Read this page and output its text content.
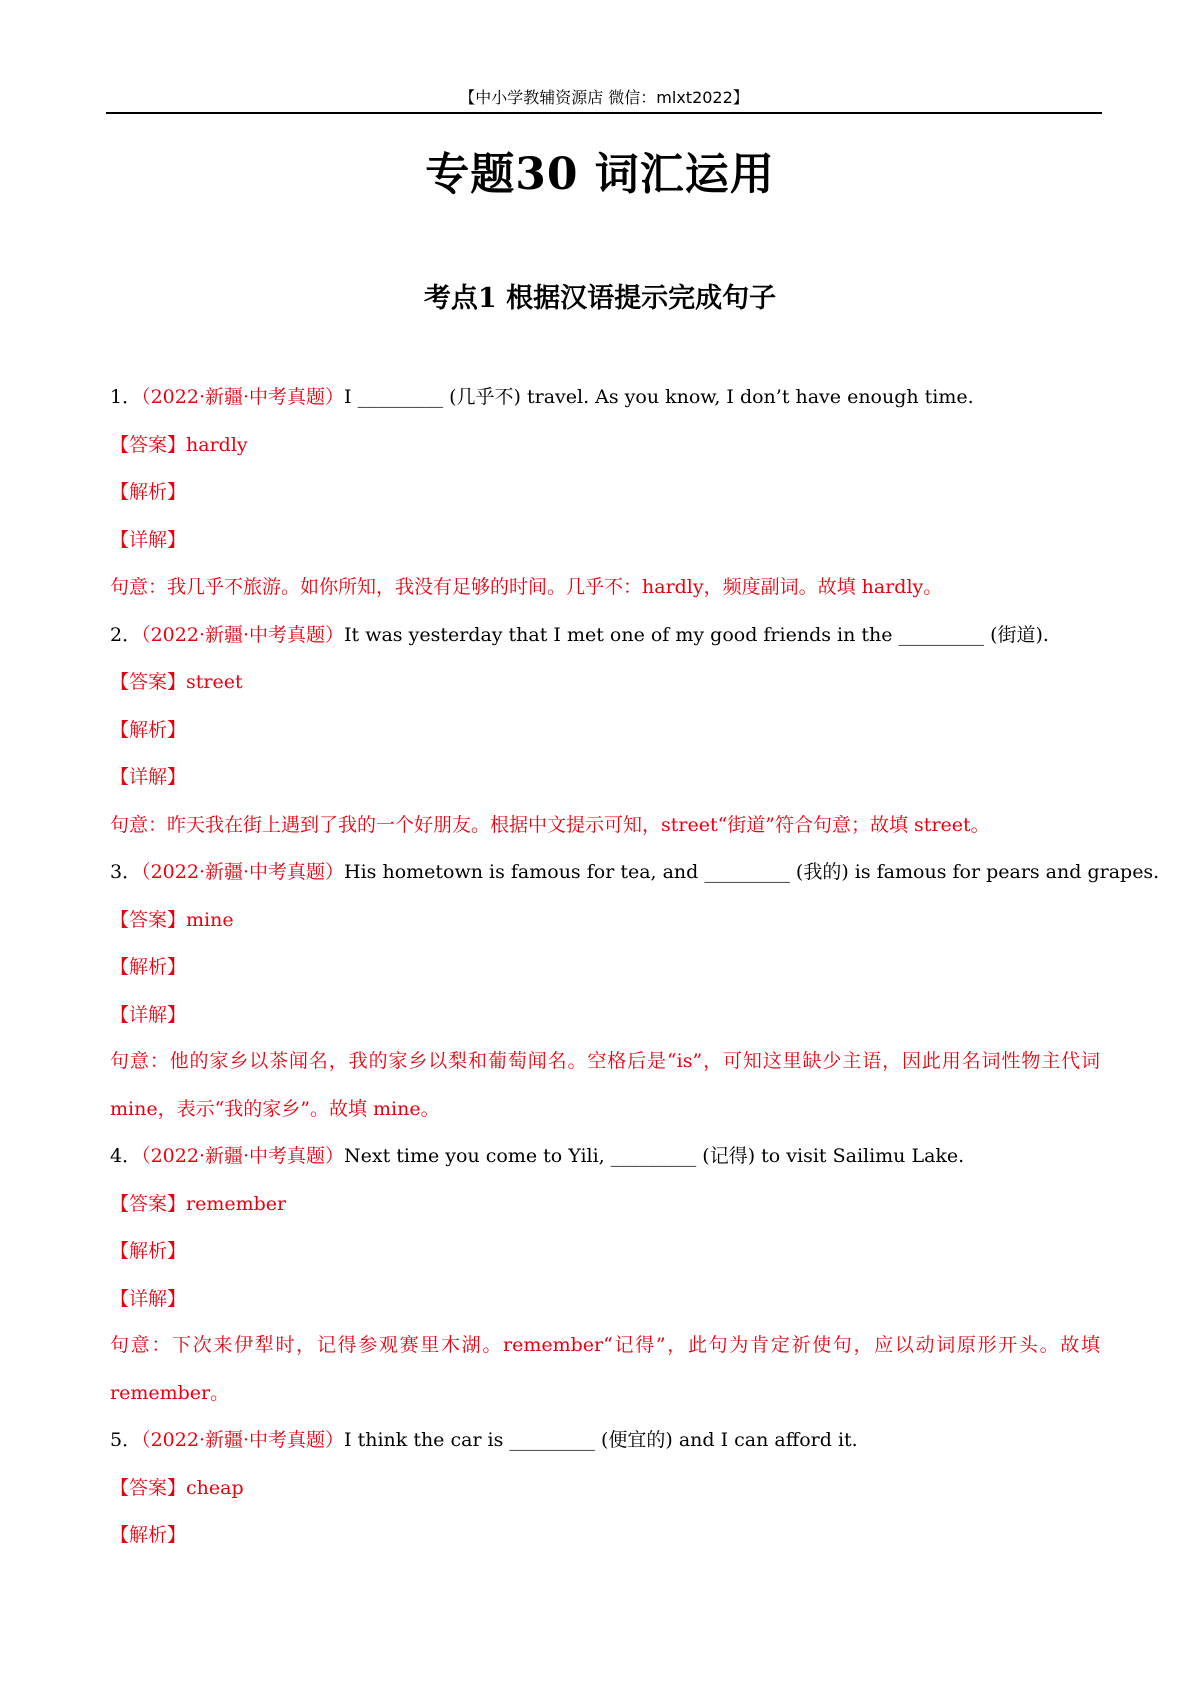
【中小学教辅资源店 微信：mlxt2022】
专题30 词汇运用
考点1 根据汉语提示完成句子
1．（2022·新疆·中考真题）I _________ (几乎不) travel. As you know, I don’t have enough time.
【答案】hardly
【解析】
【详解】
句意：我几乎不旅游。如你所知，我没有足够的时间。几乎不：hardly，频度副词。故填 hardly。
2．（2022·新疆·中考真题）It was yesterday that I met one of my good friends in the _________ (街道).
【答案】street
【解析】
【详解】
句意：昨天我在街上遇到了我的一个好朋友。根据中文提示可知，street“街道”符合句意；故填 street。
3．（2022·新疆·中考真题）His hometown is famous for tea, and _________ (我的) is famous for pears and grapes.
【答案】mine
【解析】
【详解】
句意：他的家乡以茶闻名，我的家乡以梨和葡萄闻名。空格后是“is”，可知这里缺少主语，因此用名词性物主代词 mine，表示“我的家乡”。故填 mine。
4．（2022·新疆·中考真题）Next time you come to Yili, _________ (记得) to visit Sailimu Lake.
【答案】remember
【解析】
【详解】
句意：下次来伊犁时，记得参观赛里木湖。remember“记得”，此句为肯定祈使句，应以动词原形开头。故填 remember。
5．（2022·新疆·中考真题）I think the car is _________ (便宜的) and I can afford it.
【答案】cheap
【解析】
